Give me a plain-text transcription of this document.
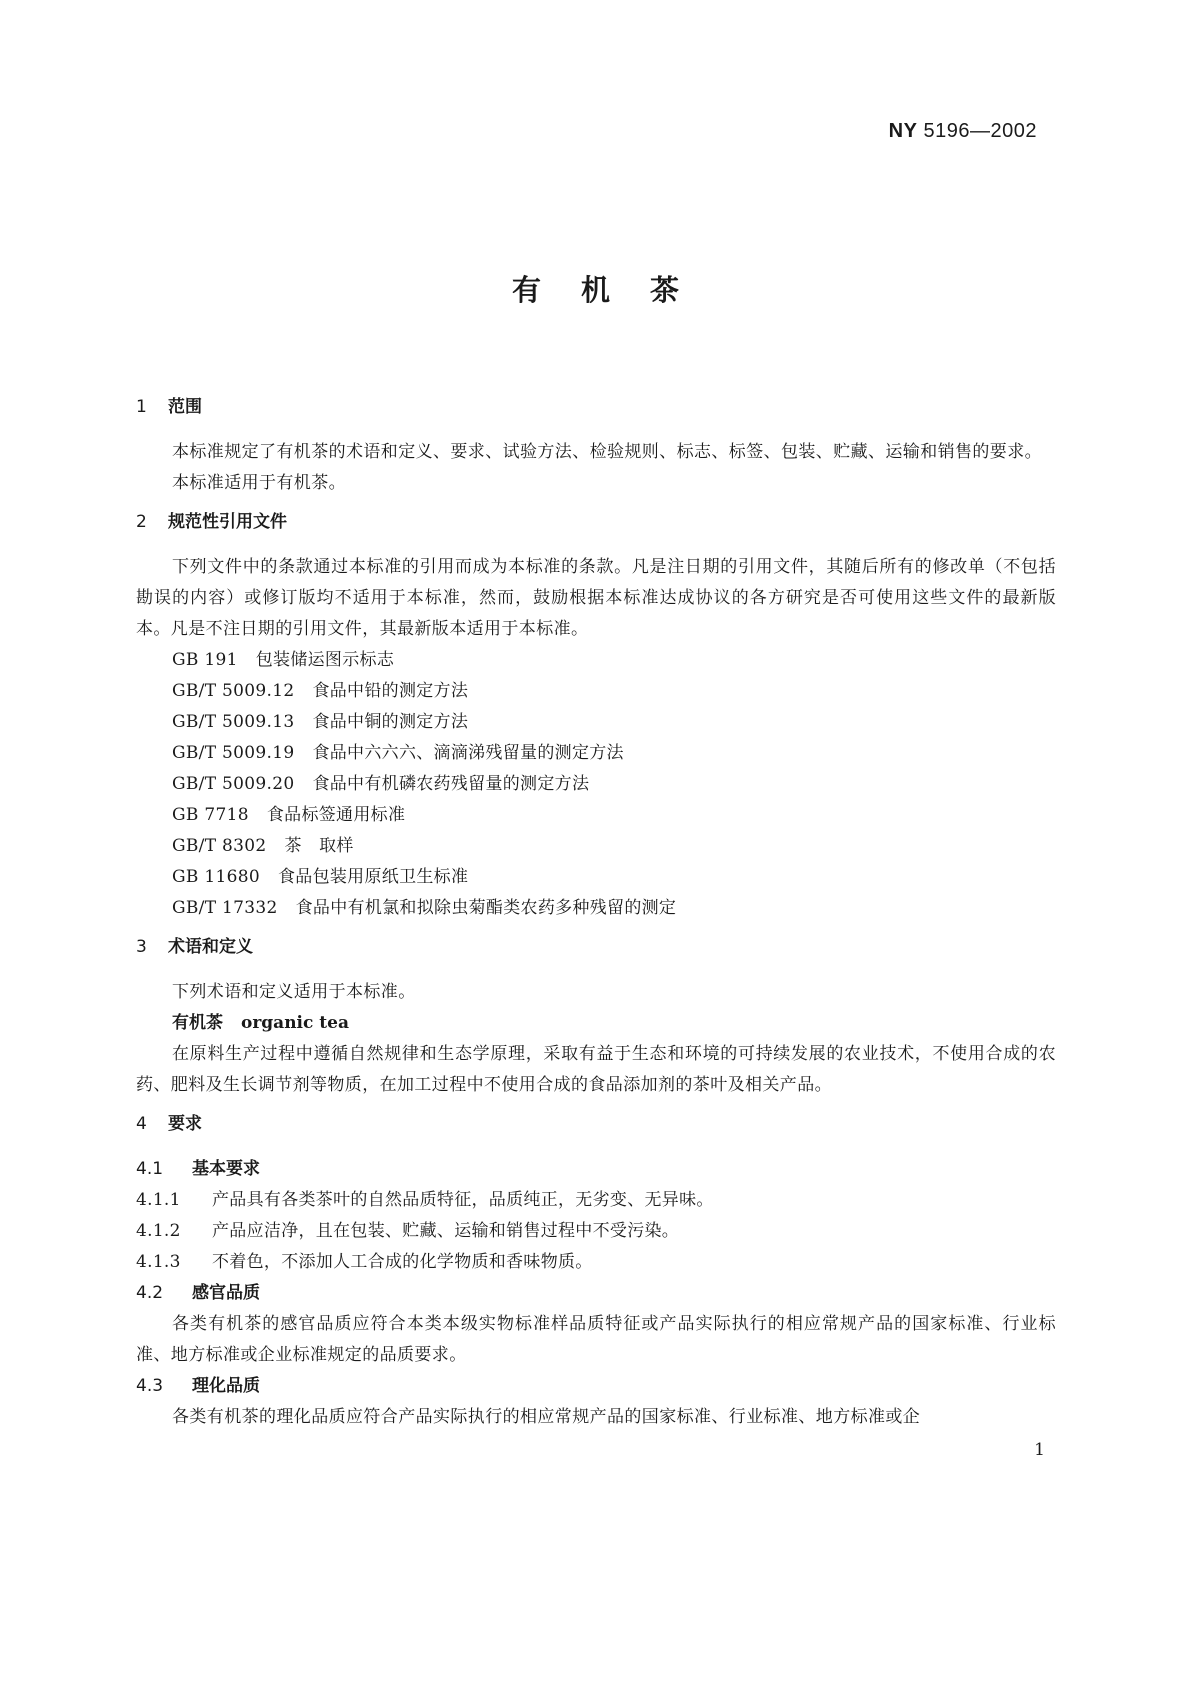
NY 5196—2002
有 机 茶
1 范围

本标准规定了有机茶的术语和定义、要求、试验方法、检验规则、标志、标签、包装、贮藏、运输和销售的要求。

本标准适用于有机茶。

2 规范性引用文件

下列文件中的条款通过本标准的引用而成为本标准的条款。凡是注日期的引用文件，其随后所有的修改单（不包括勘误的内容）或修订版均不适用于本标准，然而，鼓励根据本标准达成协议的各方研究是否可使用这些文件的最新版本。凡是不注日期的引用文件，其最新版本适用于本标准。

GB 191 包装储运图示标志

GB/T 5009.12 食品中铅的测定方法

GB/T 5009.13 食品中铜的测定方法

GB/T 5009.19 食品中六六六、滴滴涕残留量的测定方法

GB/T 5009.20 食品中有机磷农药残留量的测定方法

GB 7718 食品标签通用标准

GB/T 8302 茶　取样

GB 11680 食品包装用原纸卫生标准

GB/T 17332 食品中有机氯和拟除虫菊酯类农药多种残留的测定

3 术语和定义

下列术语和定义适用于本标准。

有机茶 organic tea

在原料生产过程中遵循自然规律和生态学原理，采取有益于生态和环境的可持续发展的农业技术，不使用合成的农药、肥料及生长调节剂等物质，在加工过程中不使用合成的食品添加剂的茶叶及相关产品。

4 要求
4.1 基本要求

4.1.1 产品具有各类茶叶的自然品质特征，品质纯正，无劣变、无异味。

4.1.2 产品应洁净，且在包装、贮藏、运输和销售过程中不受污染。

4.1.3 不着色，不添加人工合成的化学物质和香味物质。

4.2 感官品质

各类有机茶的感官品质应符合本类本级实物标准样品质特征或产品实际执行的相应常规产品的国家标准、行业标准、地方标准或企业标准规定的品质要求。

4.3 理化品质

各类有机茶的理化品质应符合产品实际执行的相应常规产品的国家标准、行业标准、地方标准或企

1
